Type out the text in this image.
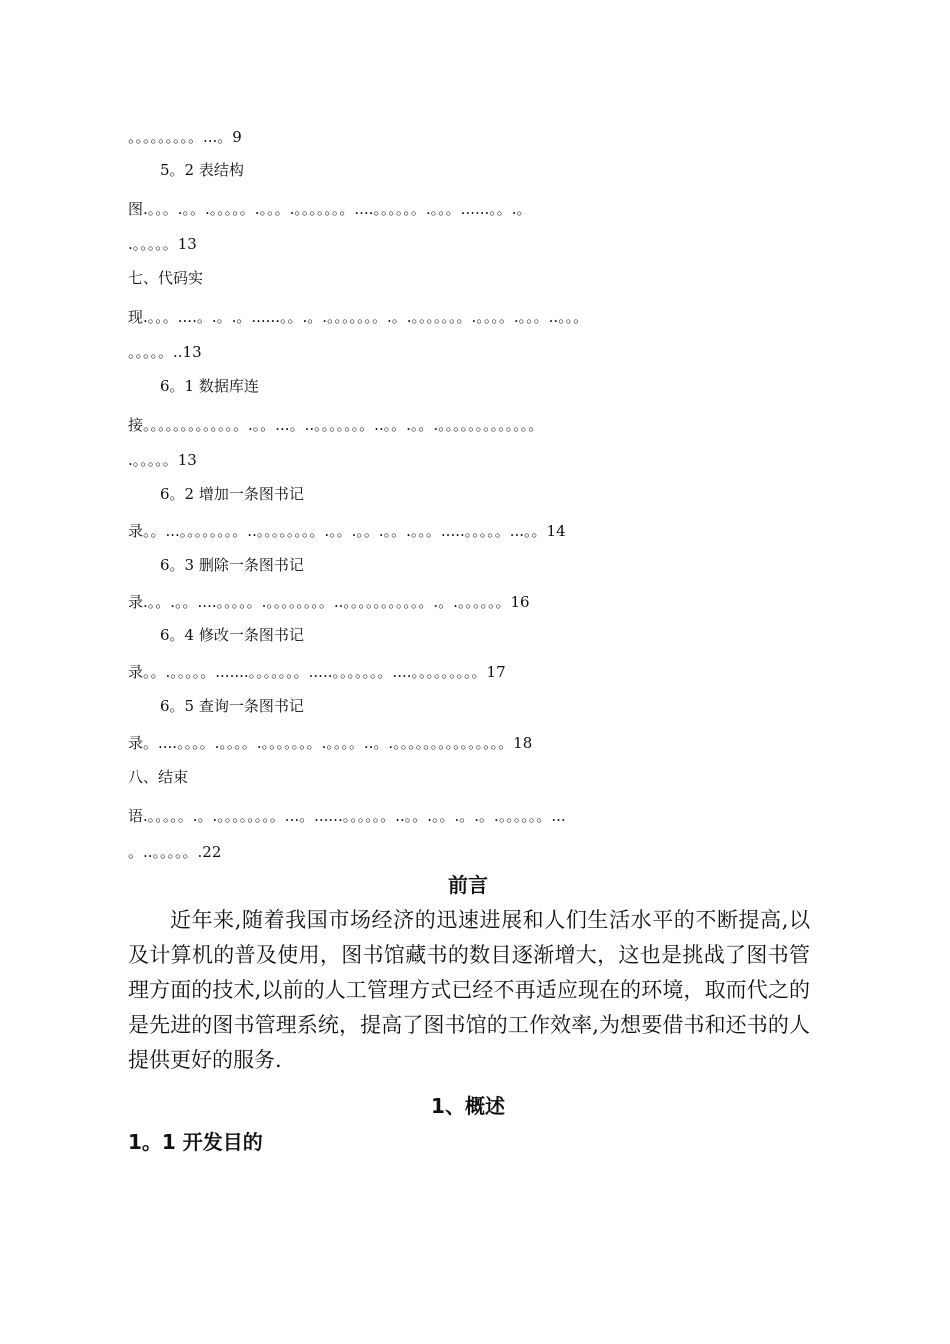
。。。。。。。。。...。9
5。2 表结构
图.。。。.。。.。。。。。.。。。.。。。。。。。....。。。。。。.。。。......。。.。
.。。。。。13
七、代码实
现.。。。....。.。.。......。。.。.。。。。。。。.。.。。。。。。。.。。。。.。。。..。。。
。。。。。..13
6。1 数据库连
接。。。。。。。。。。。。。.。。...。..。。。。。。。..。。.。。.。。。。。。。。。。。。。
.。。。。。13
6。2 增加一条图书记
录。。...。。。。。。。。..。。。。。。。。.。。.。。.。。.。。。.....。。。。。...。。14
6。3 删除一条图书记
录.。。.。。....。。。。。.。。。。。。。。..。。。。。。。。。。。.。.。。。。。。16
6。4 修改一条图书记
录。。.。。。。。.......。。。。。。。.....。。。。。。。....。。。。。。。。。17
6。5 查询一条图书记
录。....。。。。.。。。。.。。。。。。。.。。。。..。.。。。。。。。。。。。。。。。18
八、结束
语.。。。。。.。.。。。。。。。。...。......。。。。。。..。。.。。.。.。.。。。。。。...
。..。。。。。.22
前言
近年来,随着我国市场经济的迅速进展和人们生活水平的不断提高,以及计算机的普及使用，图书馆藏书的数目逐渐增大，这也是挑战了图书管理方面的技术,以前的人工管理方式已经不再适应现在的环境，取而代之的是先进的图书管理系统，提高了图书馆的工作效率,为想要借书和还书的人提供更好的服务.
1、概述
1。1 开发目的
